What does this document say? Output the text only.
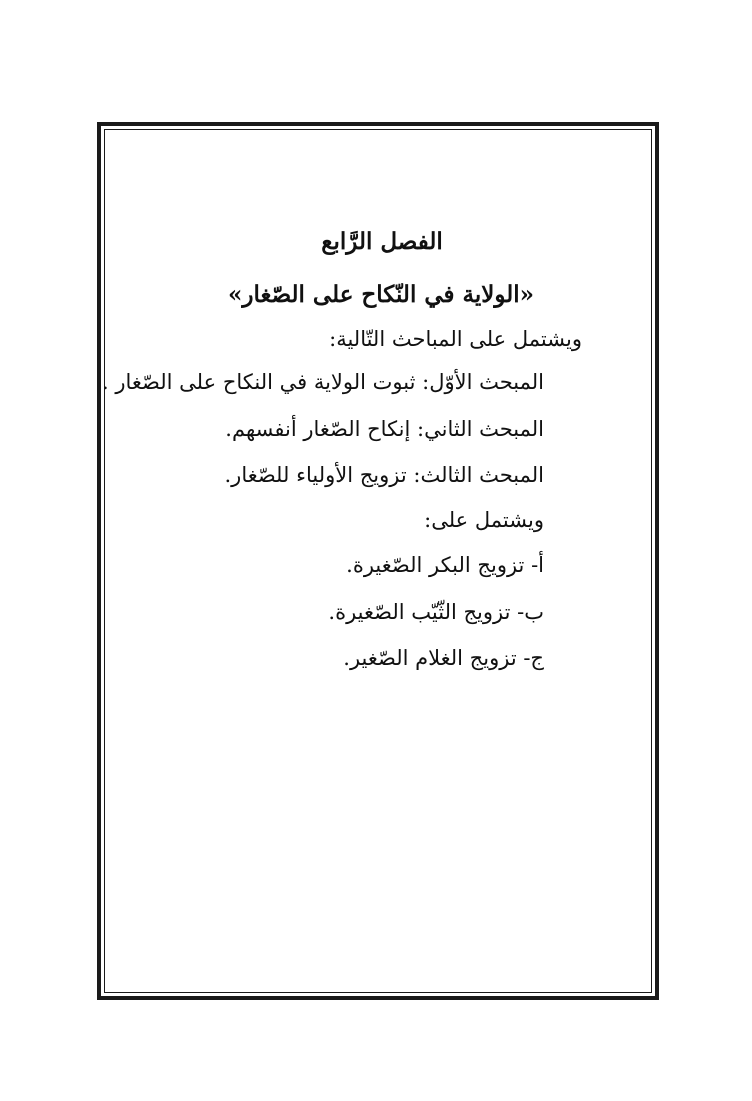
الفصل الرَّابع
«الولاية في النّكاح على الصّغار»
ويشتمل على المباحث التّالية:
المبحث الأوّل: ثبوت الولاية في النكاح على الصّغار .
المبحث الثاني: إنكاح الصّغار أنفسهم.
المبحث الثالث: تزويج الأولياء للصّغار.
ويشتمل على:
أ- تزويج البكر الصّغيرة.
ب- تزويج الثّيّب الصّغيرة.
ج- تزويج الغلام الصّغير.
